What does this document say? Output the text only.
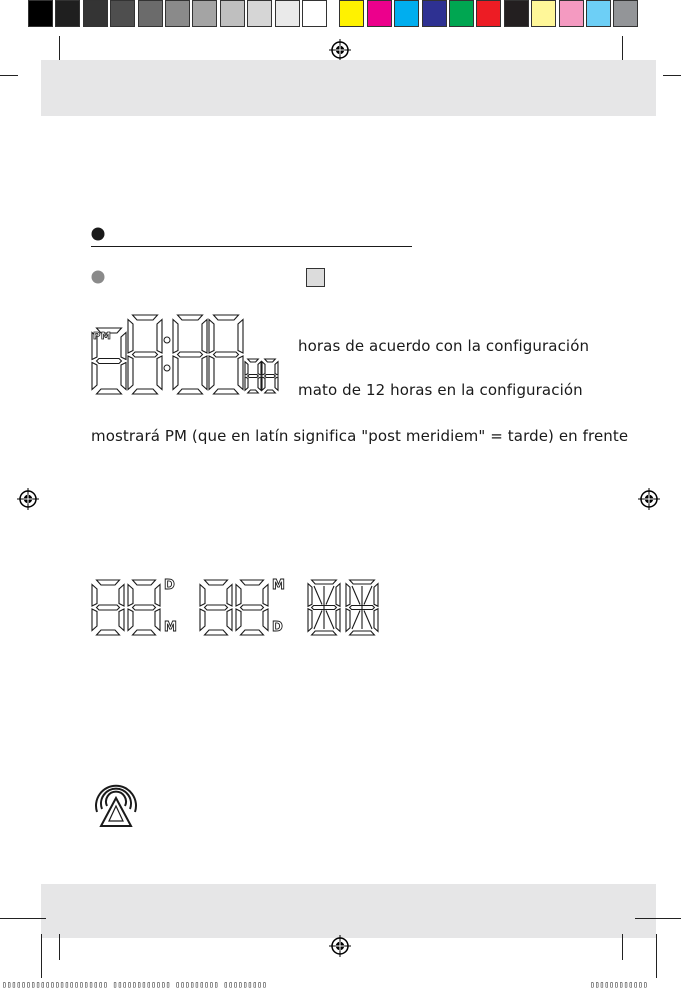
PM
horas de acuerdo con la configuración
mato de 12 horas en la configuración
mostrará PM (que en latín significa "post meridiem" = tarde) en frente
D
M
M
D
▯▯▯▯▯▯▯▯▯▯▯▯▯▯▯▯▯▯▯▯▯▯ ▯▯▯▯▯▯▯▯▯▯▯▯ ▯▯▯▯▯▯▯▯▯ ▯▯▯▯▯▯▯▯▯	▯▯▯▯▯▯▯▯▯▯▯▯
